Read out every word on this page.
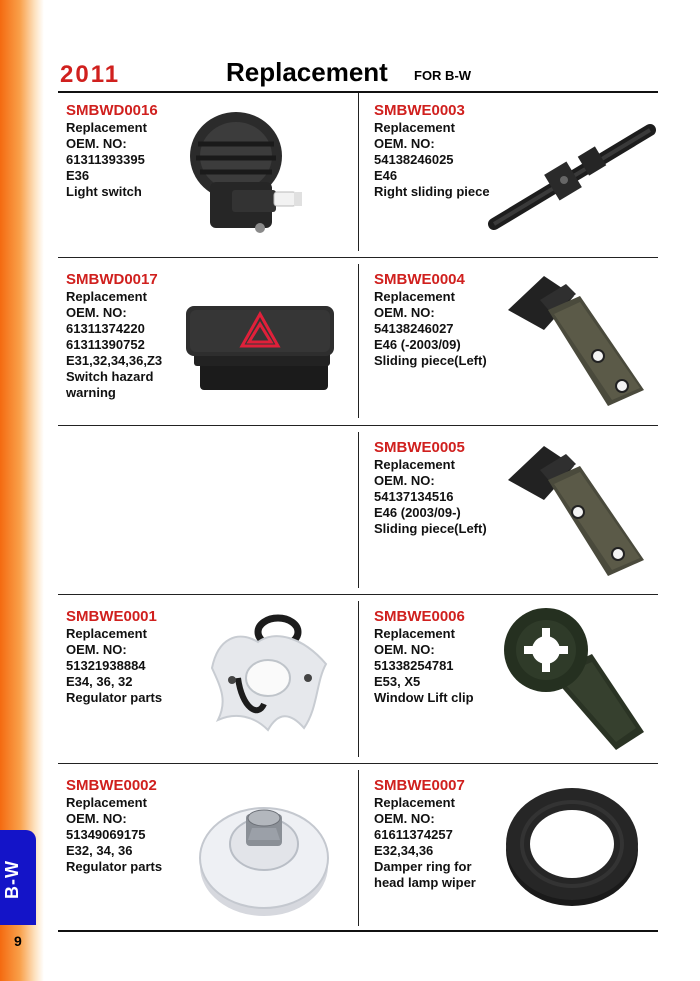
B-W
9
2011	Replacement FOR B-W
SMBWD0016
Replacement
OEM. NO:
61311393395
E36
Light switch
SMBWE0003
Replacement
OEM. NO:
54138246025
E46
Right sliding piece
SMBWD0017
Replacement
OEM. NO:
61311374220
61311390752
E31,32,34,36,Z3
Switch hazard
warning
SMBWE0004
Replacement
OEM. NO:
54138246027
E46 (-2003/09)
Sliding piece(Left)
SMBWE0005
Replacement
OEM. NO:
54137134516
E46 (2003/09-)
Sliding piece(Left)
SMBWE0001
Replacement
OEM. NO:
51321938884
E34, 36, 32
Regulator parts
SMBWE0006
Replacement
OEM. NO:
51338254781
E53, X5
Window Lift clip
SMBWE0002
Replacement
OEM. NO:
51349069175
E32, 34, 36
Regulator parts
SMBWE0007
Replacement
OEM. NO:
61611374257
E32,34,36
Damper ring for
head lamp wiper
